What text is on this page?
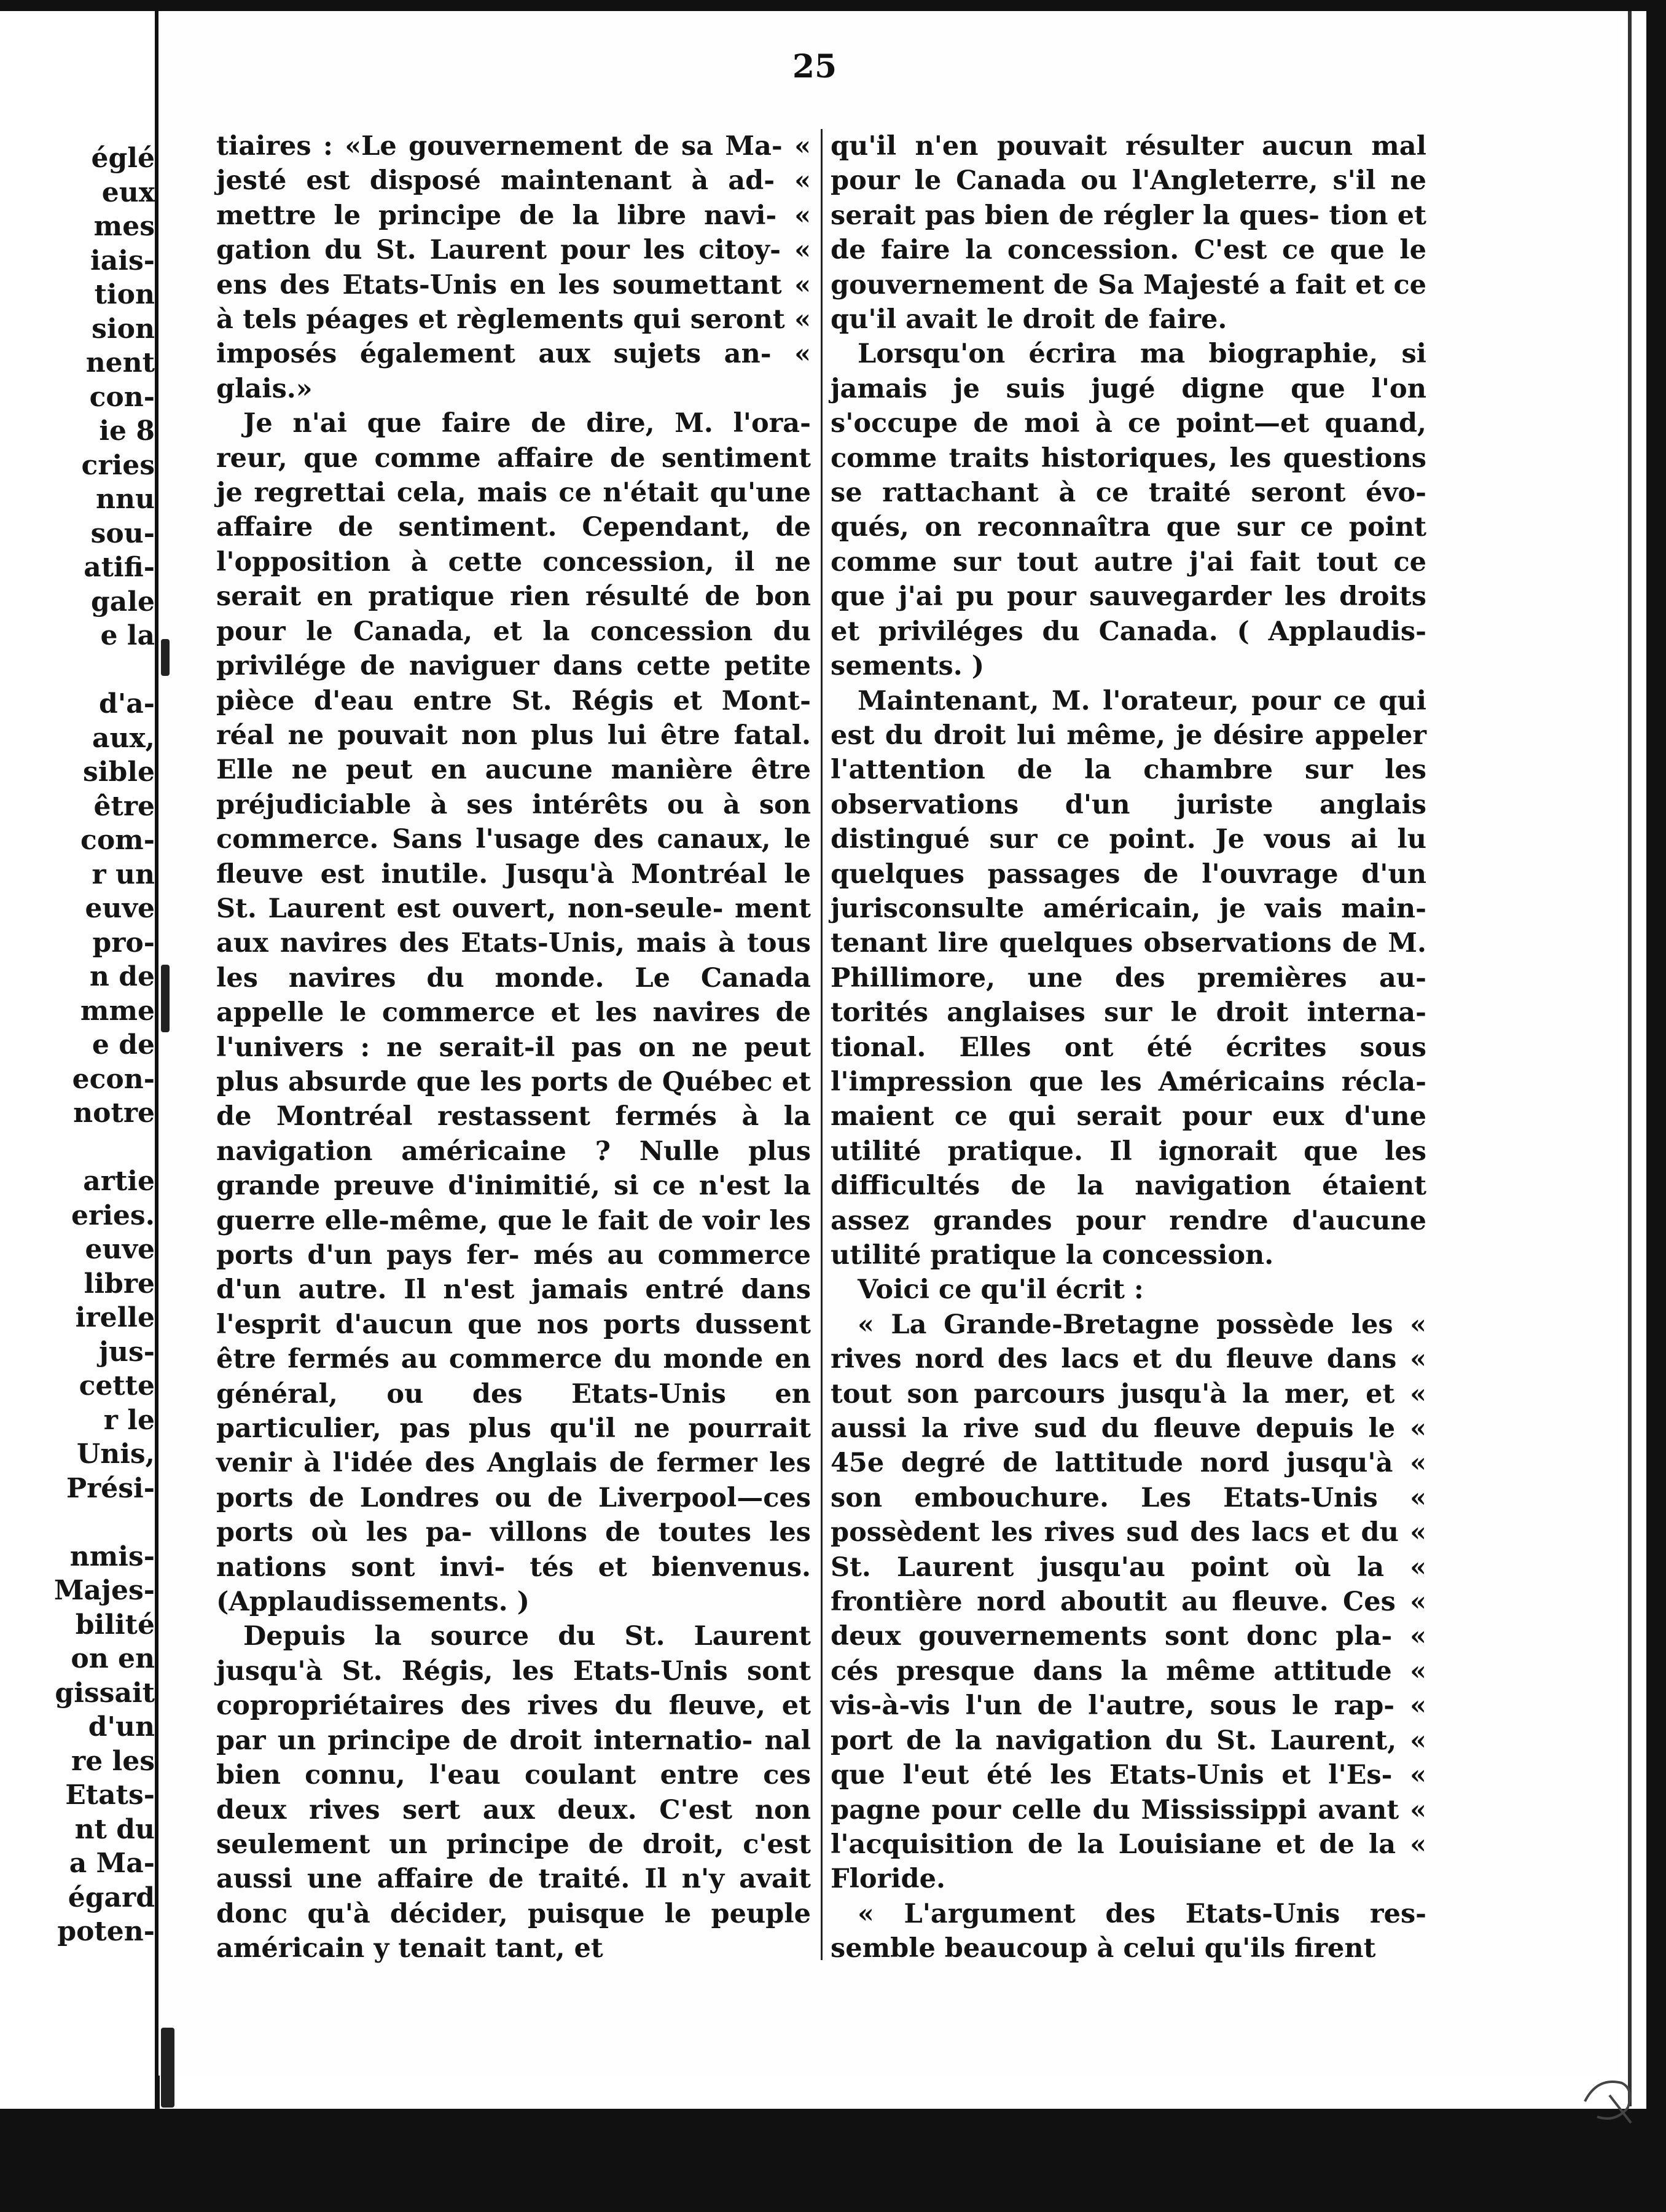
églé
eux
mes
iais-
tion
sion
nent
con-
ie 8
cries
nnu
sou-
atifi-
gale
e la
d'a-
aux,
sible
être
com-
r un
euve
pro-
n de
mme
e de
econ-
notre
artie
eries.
euve
libre
irelle
jus-
cette
r le
Unis,
Prési-
nmis-
Majes-
bilité
on en
gissait
d'un
re les
Etats-
nt du
a Ma-
égard
poten-
25

tiaires : «Le gouvernement de sa Ma- « jesté est disposé maintenant à ad- « mettre le principe de la libre navi- « gation du St. Laurent pour les citoy- « ens des Etats-Unis en les soumettant « à tels péages et règlements qui seront « imposés également aux sujets an- « glais.»

Je n'ai que faire de dire, M. l'ora- reur, que comme affaire de sentiment je regrettai cela, mais ce n'était qu'une affaire de sentiment. Cependant, de l'opposition à cette concession, il ne serait en pratique rien résulté de bon pour le Canada, et la concession du privilége de naviguer dans cette petite pièce d'eau entre St. Régis et Mont- réal ne pouvait non plus lui être fatal. Elle ne peut en aucune manière être préjudiciable à ses intérêts ou à son commerce. Sans l'usage des canaux, le fleuve est inutile. Jusqu'à Montréal le St. Laurent est ouvert, non-seule- ment aux navires des Etats-Unis, mais à tous les navires du monde. Le Canada appelle le commerce et les navires de l'univers : ne serait-il pas on ne peut plus absurde que les ports de Québec et de Montréal restassent fermés à la navigation américaine ? Nulle plus grande preuve d'inimitié, si ce n'est la guerre elle-même, que le fait de voir les ports d'un pays fer- més au commerce d'un autre. Il n'est jamais entré dans l'esprit d'aucun que nos ports dussent être fermés au commerce du monde en général, ou des Etats-Unis en particulier, pas plus qu'il ne pourrait venir à l'idée des Anglais de fermer les ports de Londres ou de Liverpool—ces ports où les pa- villons de toutes les nations sont invi- tés et bienvenus. (Applaudissements. )

Depuis la source du St. Laurent jusqu'à St. Régis, les Etats-Unis sont copropriétaires des rives du fleuve, et par un principe de droit internatio- nal bien connu, l'eau coulant entre ces deux rives sert aux deux. C'est non seulement un principe de droit, c'est aussi une affaire de traité. Il n'y avait donc qu'à décider, puisque le peuple américain y tenait tant, et

qu'il n'en pouvait résulter aucun mal pour le Canada ou l'Angleterre, s'il ne serait pas bien de régler la ques- tion et de faire la concession. C'est ce que le gouvernement de Sa Majesté a fait et ce qu'il avait le droit de faire.

Lorsqu'on écrira ma biographie, si jamais je suis jugé digne que l'on s'occupe de moi à ce point—et quand, comme traits historiques, les questions se rattachant à ce traité seront évo- qués, on reconnaîtra que sur ce point comme sur tout autre j'ai fait tout ce que j'ai pu pour sauvegarder les droits et priviléges du Canada. ( Applaudis- sements. )

Maintenant, M. l'orateur, pour ce qui est du droit lui même, je désire appeler l'attention de la chambre sur les observations d'un juriste anglais distingué sur ce point. Je vous ai lu quelques passages de l'ouvrage d'un jurisconsulte américain, je vais main- tenant lire quelques observations de M. Phillimore, une des premières au- torités anglaises sur le droit interna- tional. Elles ont été écrites sous l'impression que les Américains récla- maient ce qui serait pour eux d'une utilité pratique. Il ignorait que les difficultés de la navigation étaient assez grandes pour rendre d'aucune utilité pratique la concession.

Voici ce qu'il écrit :

« La Grande-Bretagne possède les « rives nord des lacs et du fleuve dans « tout son parcours jusqu'à la mer, et « aussi la rive sud du fleuve depuis le « 45e degré de lattitude nord jusqu'à « son embouchure. Les Etats-Unis « possèdent les rives sud des lacs et du « St. Laurent jusqu'au point où la « frontière nord aboutit au fleuve. Ces « deux gouvernements sont donc pla- « cés presque dans la même attitude « vis-à-vis l'un de l'autre, sous le rap- « port de la navigation du St. Laurent, « que l'eut été les Etats-Unis et l'Es- « pagne pour celle du Mississippi avant « l'acquisition de la Louisiane et de la « Floride.

« L'argument des Etats-Unis res- semble beaucoup à celui qu'ils firent
